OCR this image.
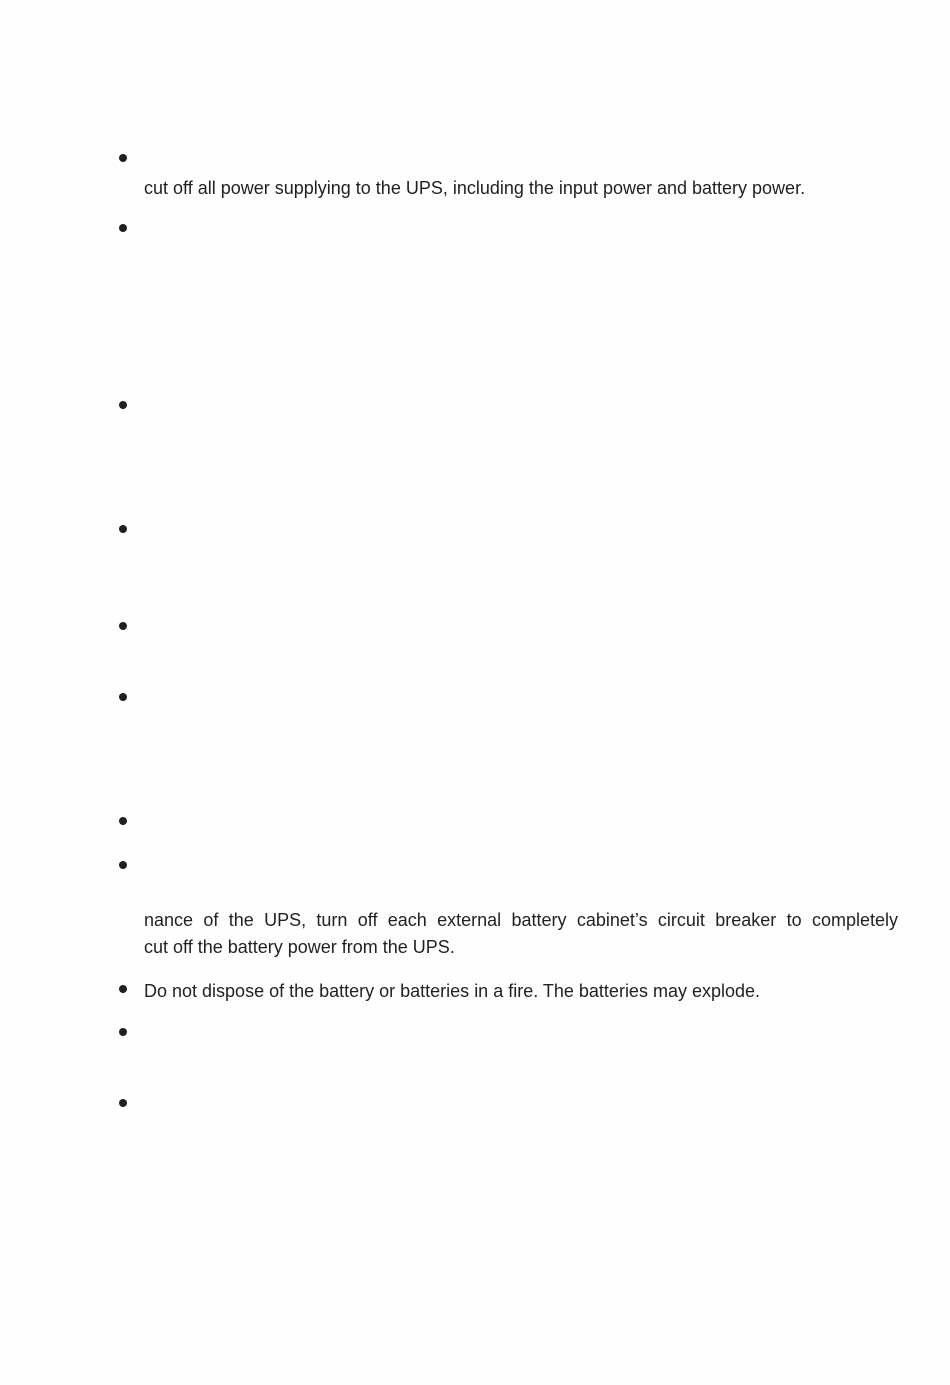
cut off all power supplying to the UPS, including the input power and battery power.

nance of the UPS, turn off each external battery cabinet’s circuit breaker to completely

cut off the battery power from the UPS.

Do not dispose of the battery or batteries in a fire. The batteries may explode.
